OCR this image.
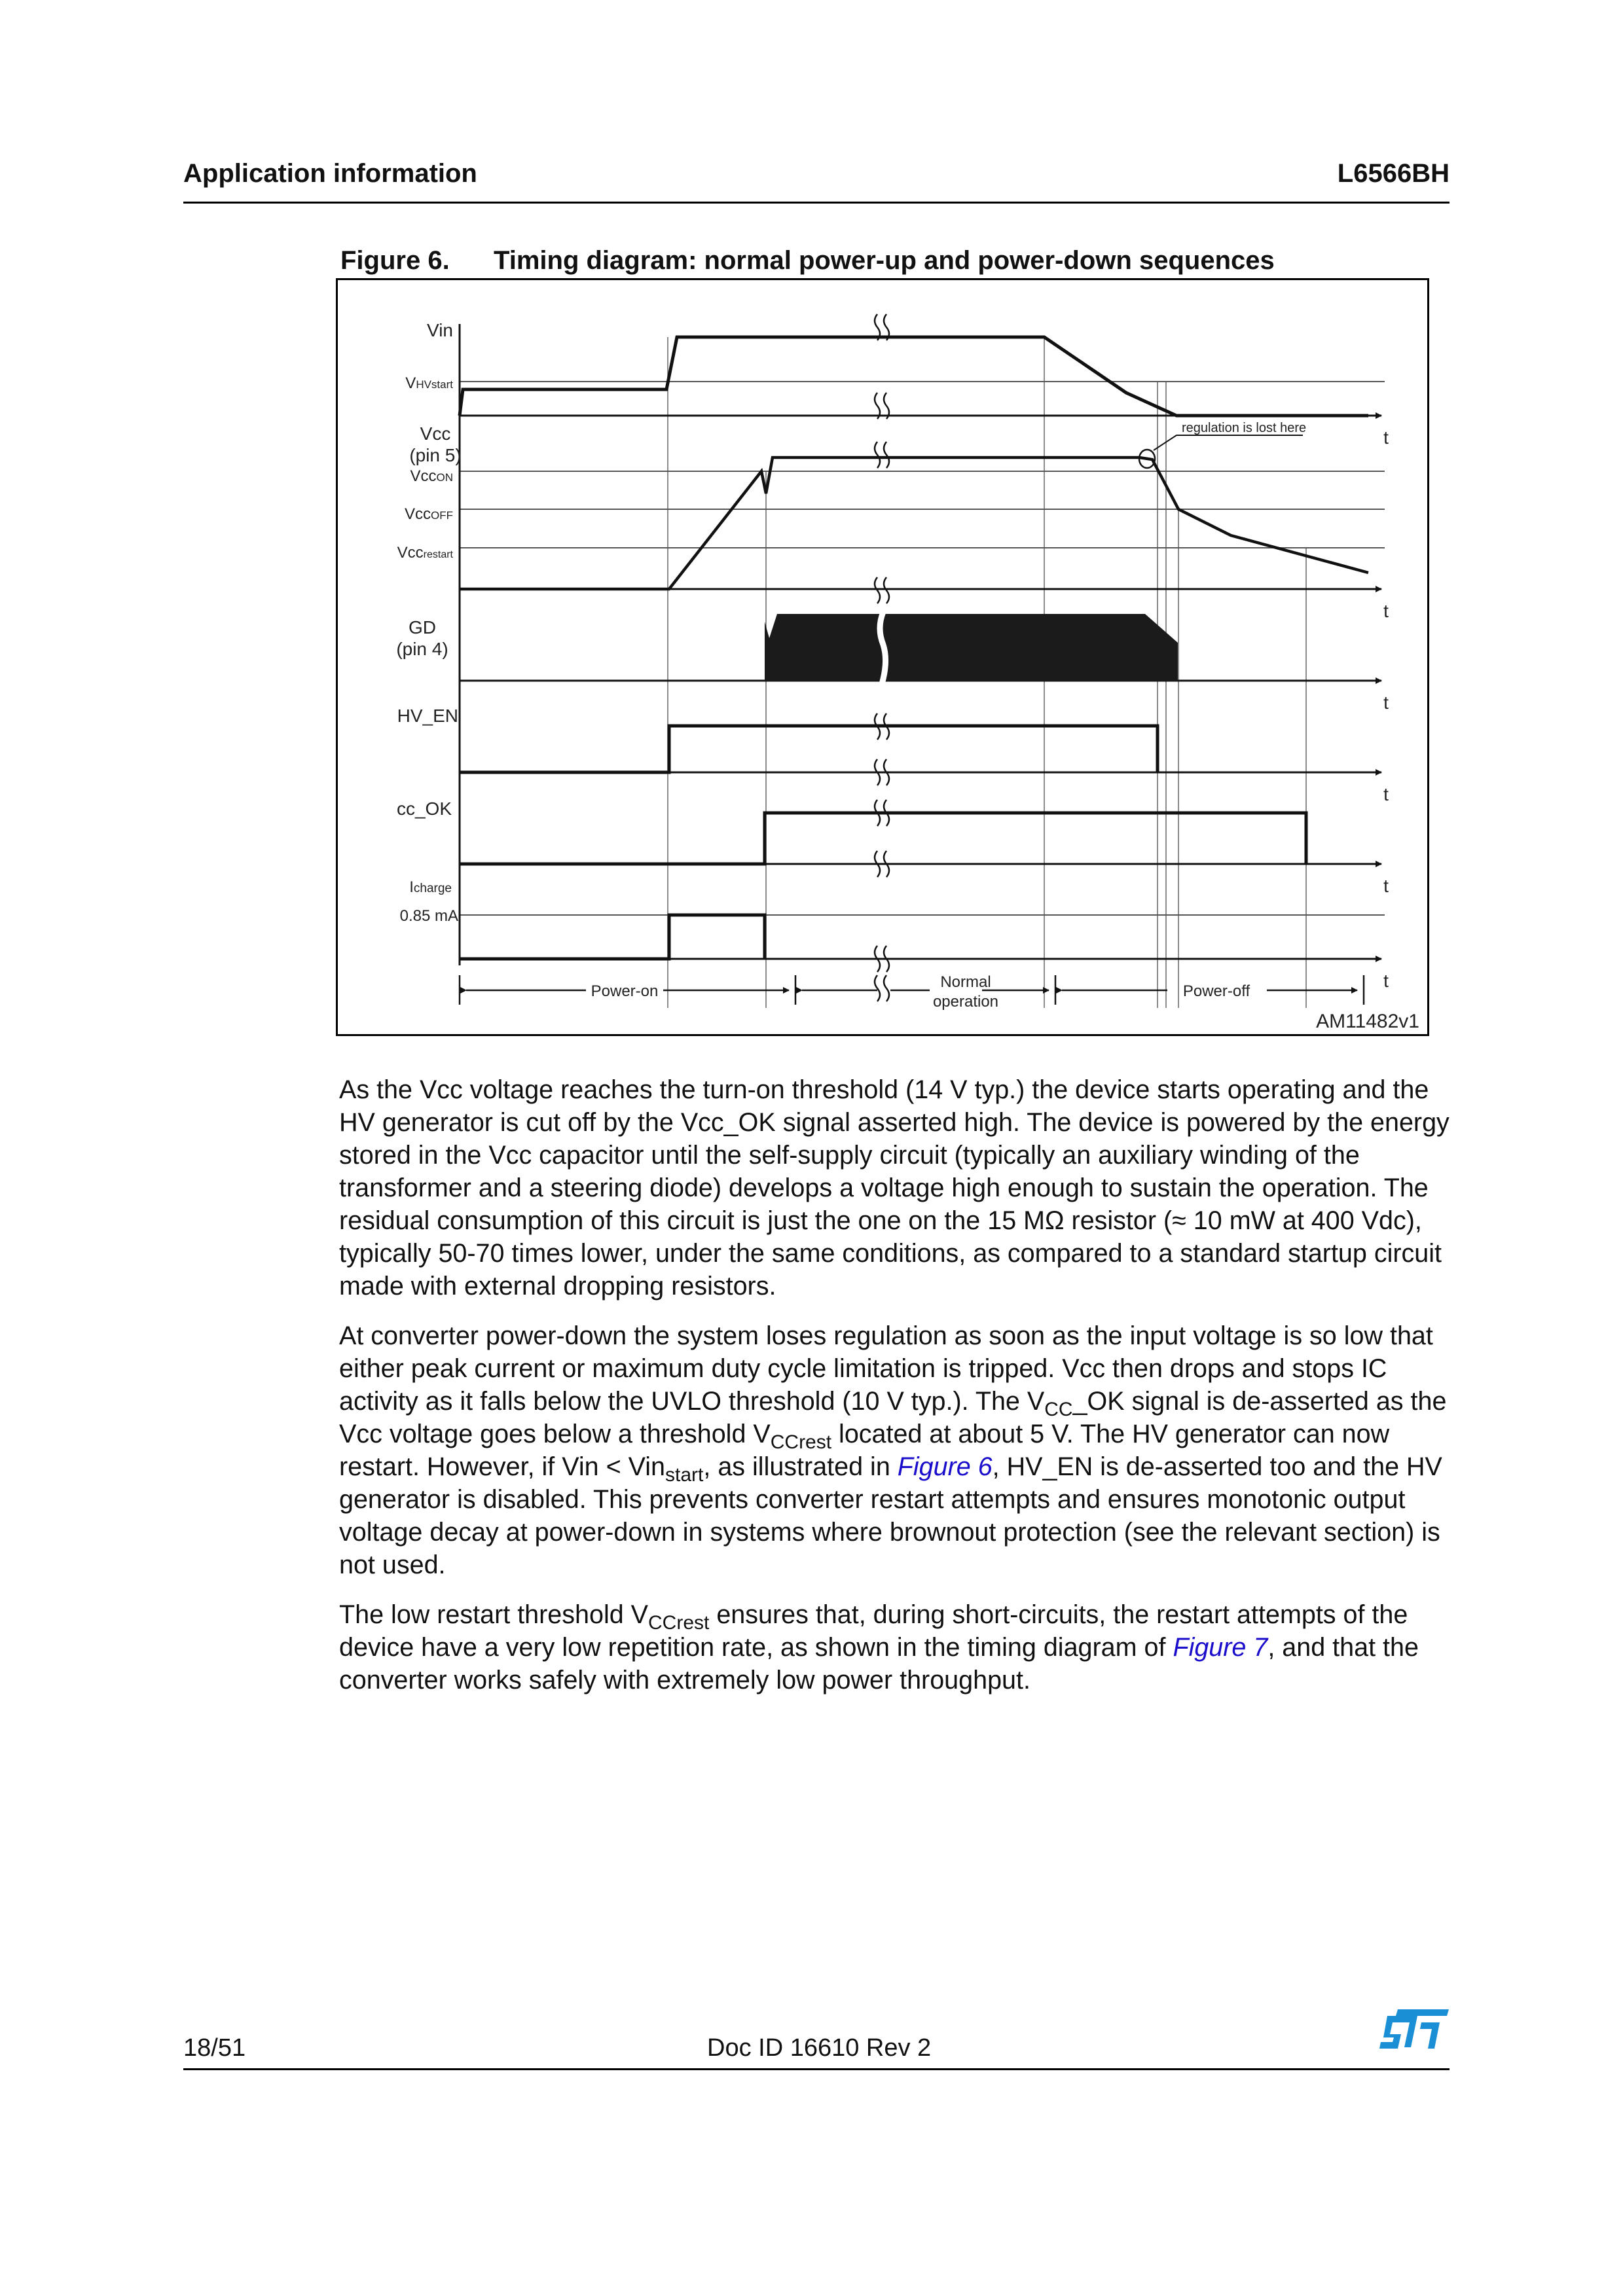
Application information	L6566BH
Figure 6. Timing diagram: normal power-up and power-down sequences
regulation is lost here
Vin
VHVstart
Vcc
(pin 5)
VccON
VccOFF
Vccrestart
GD
(pin 4)
HV_EN
cc_OK
Icharge
0.85 mA
t
t
t
t
t
t
Power-on
Normal
operation
Power-off
AM11482v1

As the Vcc voltage reaches the turn-on threshold (14 V typ.) the device starts operating and the HV generator is cut off by the Vcc_OK signal asserted high. The device is powered by the energy stored in the Vcc capacitor until the self-supply circuit (typically an auxiliary winding of the transformer and a steering diode) develops a voltage high enough to sustain the operation. The residual consumption of this circuit is just the one on the 15 MΩ resistor (≈ 10 mW at 400 Vdc), typically 50-70 times lower, under the same conditions, as compared to a standard startup circuit made with external dropping resistors.

At converter power-down the system loses regulation as soon as the input voltage is so low that either peak current or maximum duty cycle limitation is tripped. Vcc then drops and stops IC activity as it falls below the UVLO threshold (10 V typ.). The $V_{CC}\_OK$ signal is de-asserted as the Vcc voltage goes below a threshold $V_{CCrest}$ located at about 5 V. The HV generator can now restart. However, if Vin < Vin$_{start}$, as illustrated in Figure 6, HV_EN is de-asserted too and the HV generator is disabled. This prevents converter restart attempts and ensures monotonic output voltage decay at power-down in systems where brownout protection (see the relevant section) is not used.

The low restart threshold $V_{CCrest}$ ensures that, during short-circuits, the restart attempts of the device have a very low repetition rate, as shown in the timing diagram of Figure 7, and that the converter works safely with extremely low power throughput.

18/51	Doc ID 16610 Rev 2
